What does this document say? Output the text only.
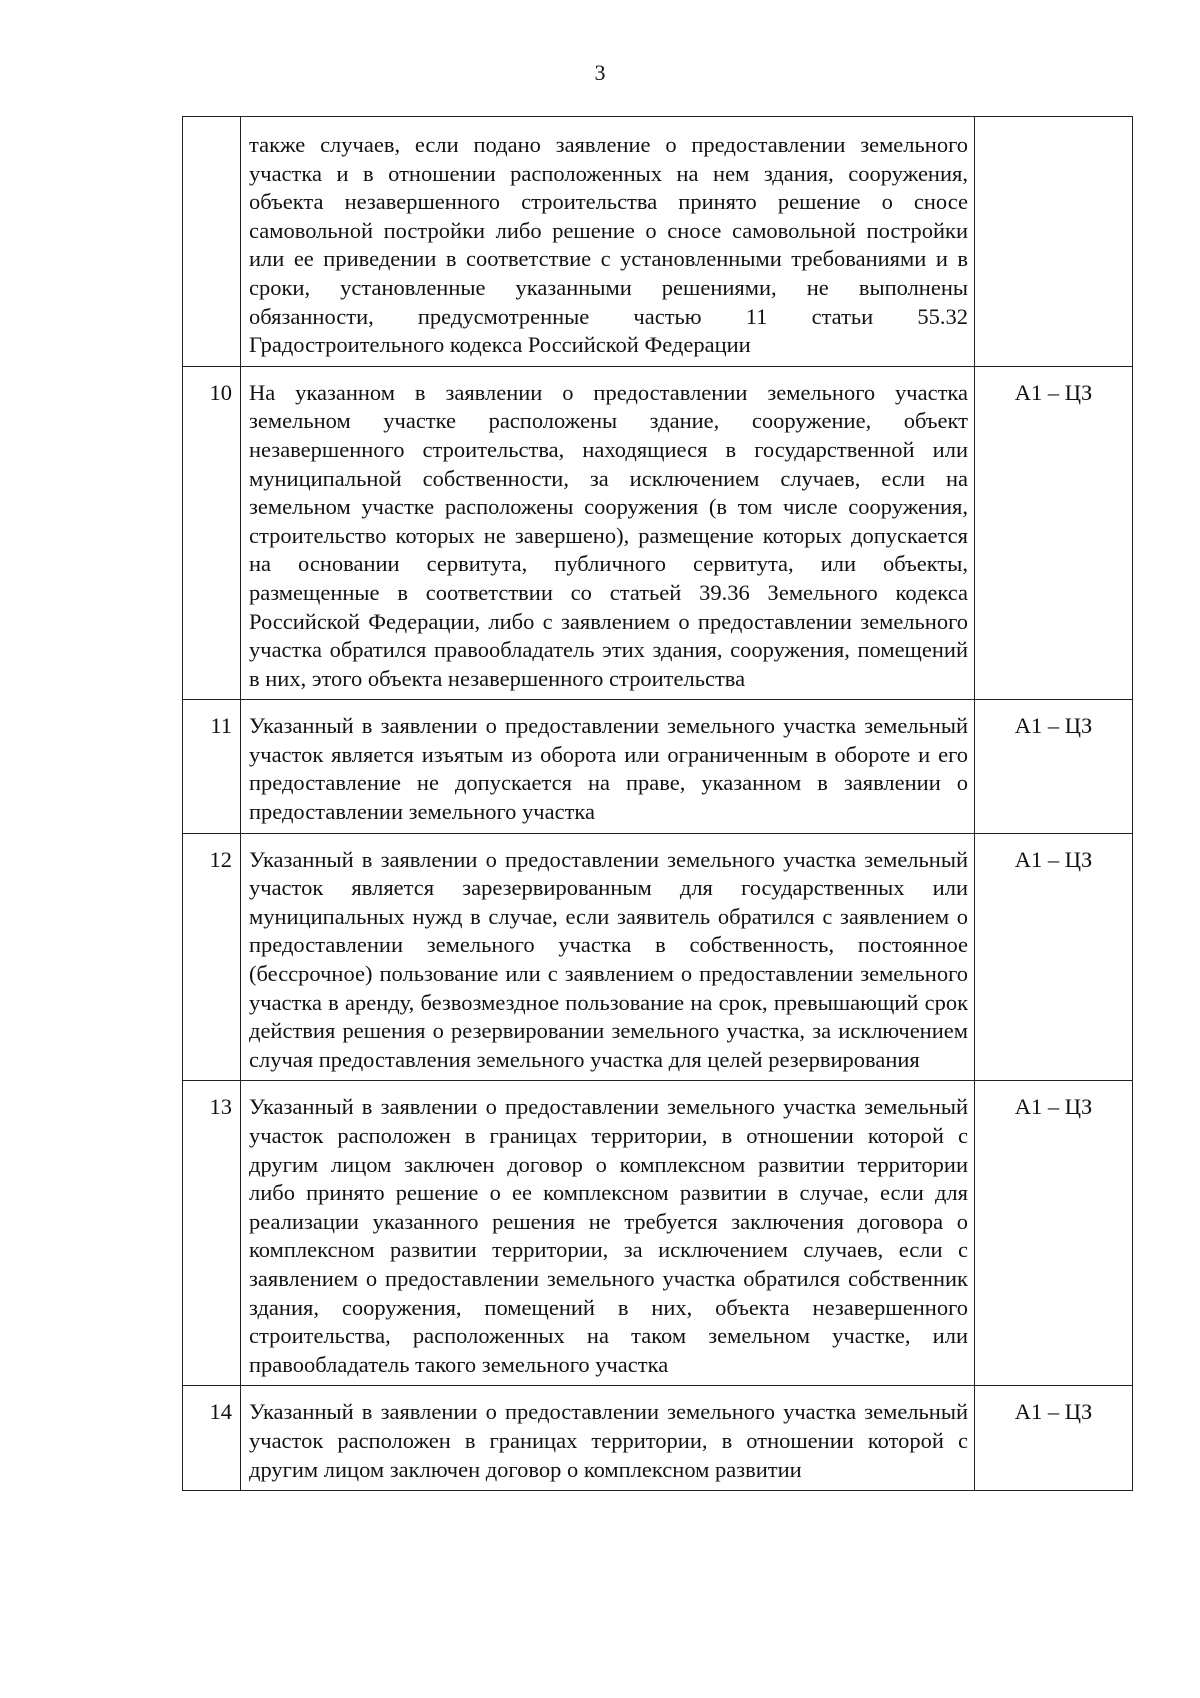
3
	также случаев, если подано заявление о предоставлении земельного участка и в отношении расположенных на нем здания, сооружения, объекта незавершенного строительства принято решение о сносе самовольной постройки либо решение о сносе самовольной постройки или ее приведении в соответствие с установленными требованиями и в сроки, установленные указанными решениями, не выполнены обязанности, предусмотренные частью 11 статьи 55.32 Градостроительного кодекса Российской Федерации	
10	На указанном в заявлении о предоставлении земельного участка земельном участке расположены здание, сооружение, объект незавершенного строительства, находящиеся в государственной или муниципальной собственности, за исключением случаев, если на земельном участке расположены сооружения (в том числе сооружения, строительство которых не завершено), размещение которых допускается на основании сервитута, публичного сервитута, или объекты, размещенные в соответствии со статьей 39.36 Земельного кодекса Российской Федерации, либо с заявлением о предоставлении земельного участка обратился правообладатель этих здания, сооружения, помещений в них, этого объекта незавершенного строительства	А1 – ЦЗ
11	Указанный в заявлении о предоставлении земельного участка земельный участок является изъятым из оборота или ограниченным в обороте и его предоставление не допускается на праве, указанном в заявлении о предоставлении земельного участка	А1 – ЦЗ
12	Указанный в заявлении о предоставлении земельного участка земельный участок является зарезервированным для государственных или муниципальных нужд в случае, если заявитель обратился с заявлением о предоставлении земельного участка в собственность, постоянное (бессрочное) пользование или с заявлением о предоставлении земельного участка в аренду, безвозмездное пользование на срок, превышающий срок действия решения о резервировании земельного участка, за исключением случая предоставления земельного участка для целей резервирования	А1 – ЦЗ
13	Указанный в заявлении о предоставлении земельного участка земельный участок расположен в границах территории, в отношении которой с другим лицом заключен договор о комплексном развитии территории либо принято решение о ее комплексном развитии в случае, если для реализации указанного решения не требуется заключения договора о комплексном развитии территории, за исключением случаев, если с заявлением о предоставлении земельного участка обратился собственник здания, сооружения, помещений в них, объекта незавершенного строительства, расположенных на таком земельном участке, или правообладатель такого земельного участка	А1 – ЦЗ
14	Указанный в заявлении о предоставлении земельного участка земельный участок расположен в границах территории, в отношении которой с другим лицом заключен договор о комплексном развитии	А1 – ЦЗ
